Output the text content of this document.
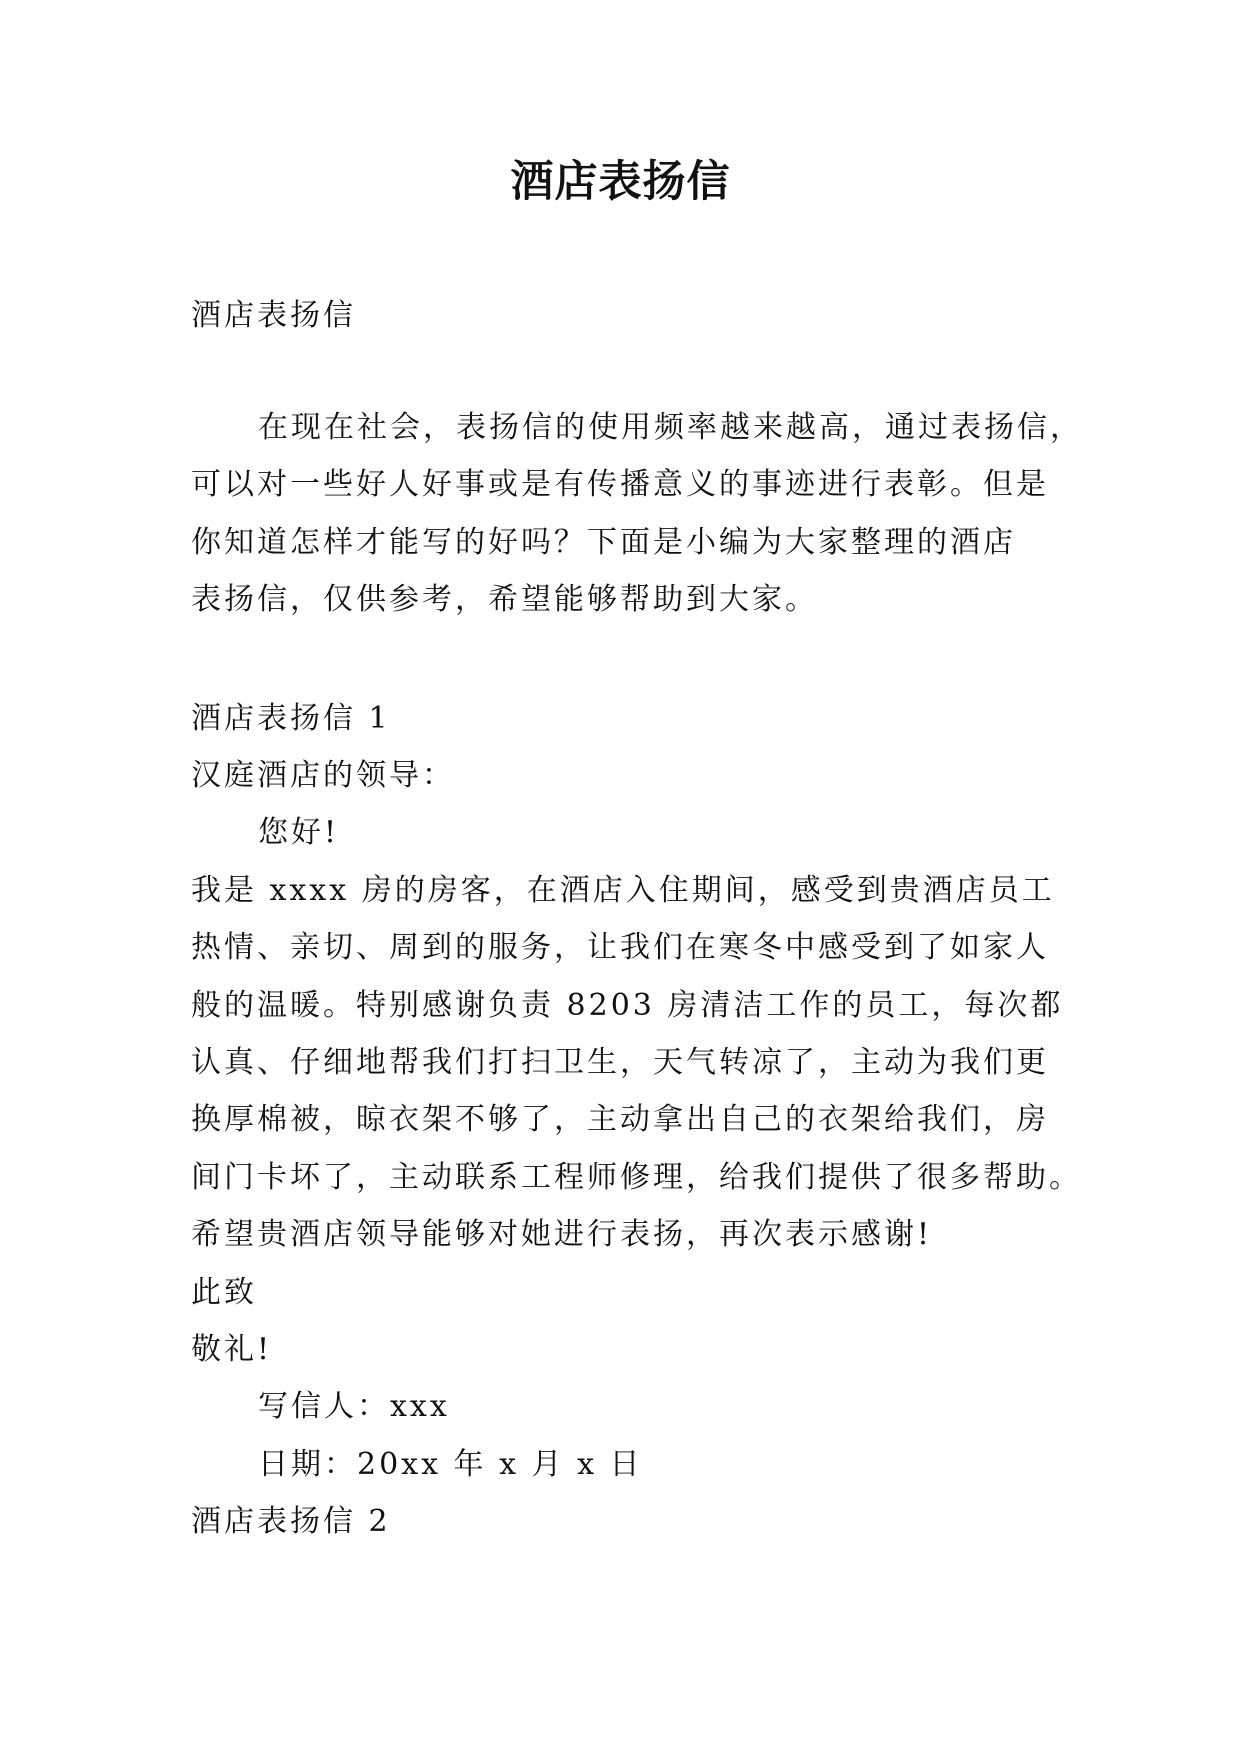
酒店表扬信
酒店表扬信
在现在社会，表扬信的使用频率越来越高，通过表扬信，
可以对一些好人好事或是有传播意义的事迹进行表彰。但是
你知道怎样才能写的好吗？下面是小编为大家整理的酒店
表扬信，仅供参考，希望能够帮助到大家。
酒店表扬信 1
汉庭酒店的领导：
您好!
我是 xxxx 房的房客，在酒店入住期间，感受到贵酒店员工
热情、亲切、周到的服务，让我们在寒冬中感受到了如家人
般的温暖。特别感谢负责 8203 房清洁工作的员工，每次都
认真、仔细地帮我们打扫卫生，天气转凉了，主动为我们更
换厚棉被，晾衣架不够了，主动拿出自己的衣架给我们，房
间门卡坏了，主动联系工程师修理，给我们提供了很多帮助。
希望贵酒店领导能够对她进行表扬，再次表示感谢!
此致
敬礼!
写信人：xxx
日期：20xx 年 x 月 x 日
酒店表扬信 2
